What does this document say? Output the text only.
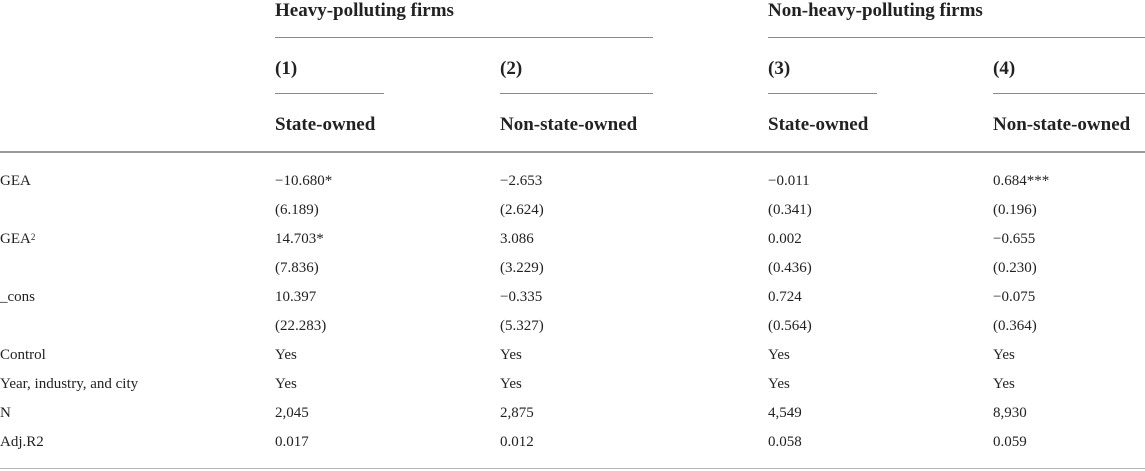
Heavy-polluting firms	Non-heavy-polluting firms
(1)	(2)	(3)	(4)
State-owned	Non-state-owned	State-owned	Non-state-owned
GEA	−10.680*	−2.653	−0.011	0.684***
(6.189)	(2.624)	(0.341)	(0.196)
GEA$^2$	14.703*	3.086	0.002	−0.655
(7.836)	(3.229)	(0.436)	(0.230)
_cons	10.397	−0.335	0.724	−0.075
(22.283)	(5.327)	(0.564)	(0.364)
Control	Yes	Yes	Yes	Yes
Year, industry, and city	Yes	Yes	Yes	Yes
N	2,045	2,875	4,549	8,930
Adj.R2	0.017	0.012	0.058	0.059
